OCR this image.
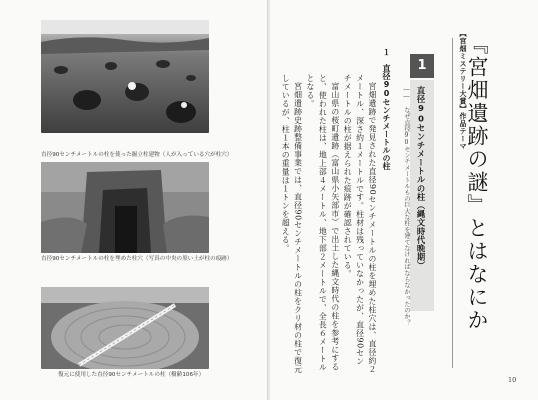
直径90センチメートルの柱を使った掘立柱建物（人が入っている穴が柱穴）
直径90センチメートルの柱を埋めた柱穴（写真の中央の黒い土が柱の痕跡）
復元に使用した直径90センチメートルの柱（樹齢106年）
【宮畑ミステリー大賞】作品テーマ
『宮畑遺跡の謎』とはなにか
1
直径90センチメートルの柱（縄文時代晩期）
―― なぜ直径90センチメートルもの巨大な柱を建てなければならなかったのか？
１　直径90センチメートルの柱

宮畑遺跡で発見された直径90センチメートルの柱を埋めた柱穴は、直径約２メートル、深さ約１メートルです。柱材は残っていなかったが、直径90センチメートルの柱が据えられた痕跡が確認されている。

富山県の桜町遺跡（富山県小矢部市）で出土した縄文時代の柱を参考にすると、使われた柱は、地上部４メートル、地下部２メートルで、全長６メートルとなる。

宮畑遺跡史跡整備事業では、直径90センチメートルの柱をクリ材の柱で復元しているが、柱１本の重量は１トンを超える。

10
